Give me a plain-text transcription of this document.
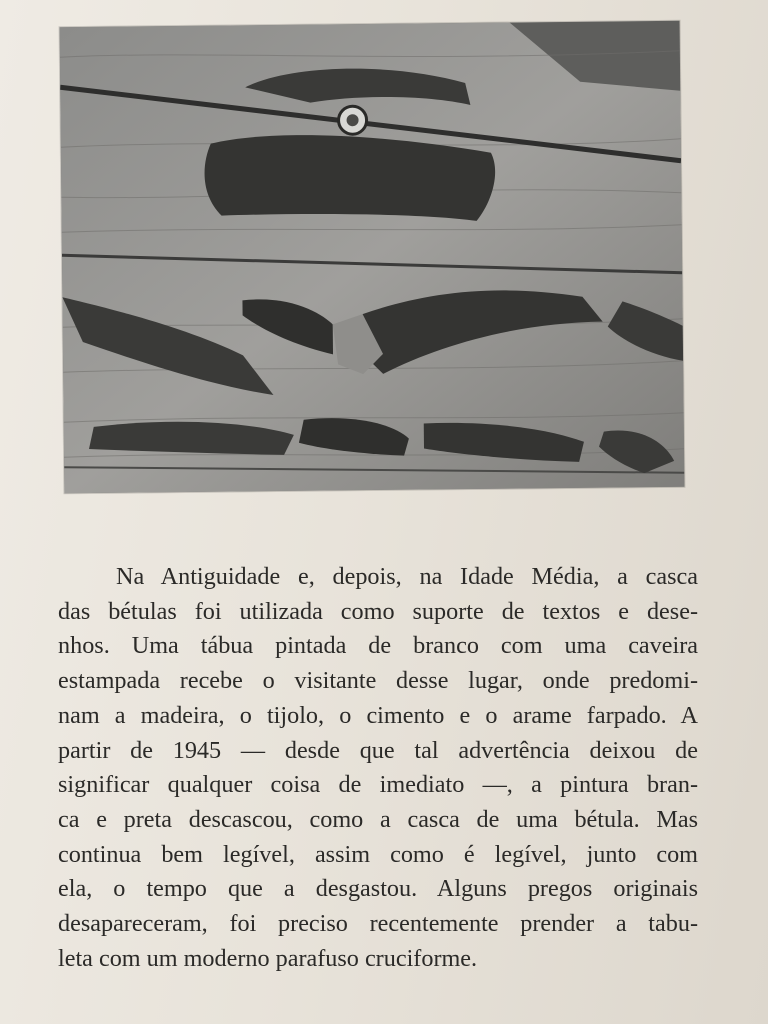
Na Antiguidade e, depois, na Idade Média, a casca
das bétulas foi utilizada como suporte de textos e dese-
nhos. Uma tábua pintada de branco com uma caveira
estampada recebe o visitante desse lugar, onde predomi-
nam a madeira, o tijolo, o cimento e o arame farpado. A
partir de 1945 — desde que tal advertência deixou de
significar qualquer coisa de imediato —, a pintura bran-
ca e preta descascou, como a casca de uma bétula. Mas
continua bem legível, assim como é legível, junto com
ela, o tempo que a desgastou. Alguns pregos originais
desapareceram, foi preciso recentemente prender a tabu-
leta com um moderno parafuso cruciforme.
